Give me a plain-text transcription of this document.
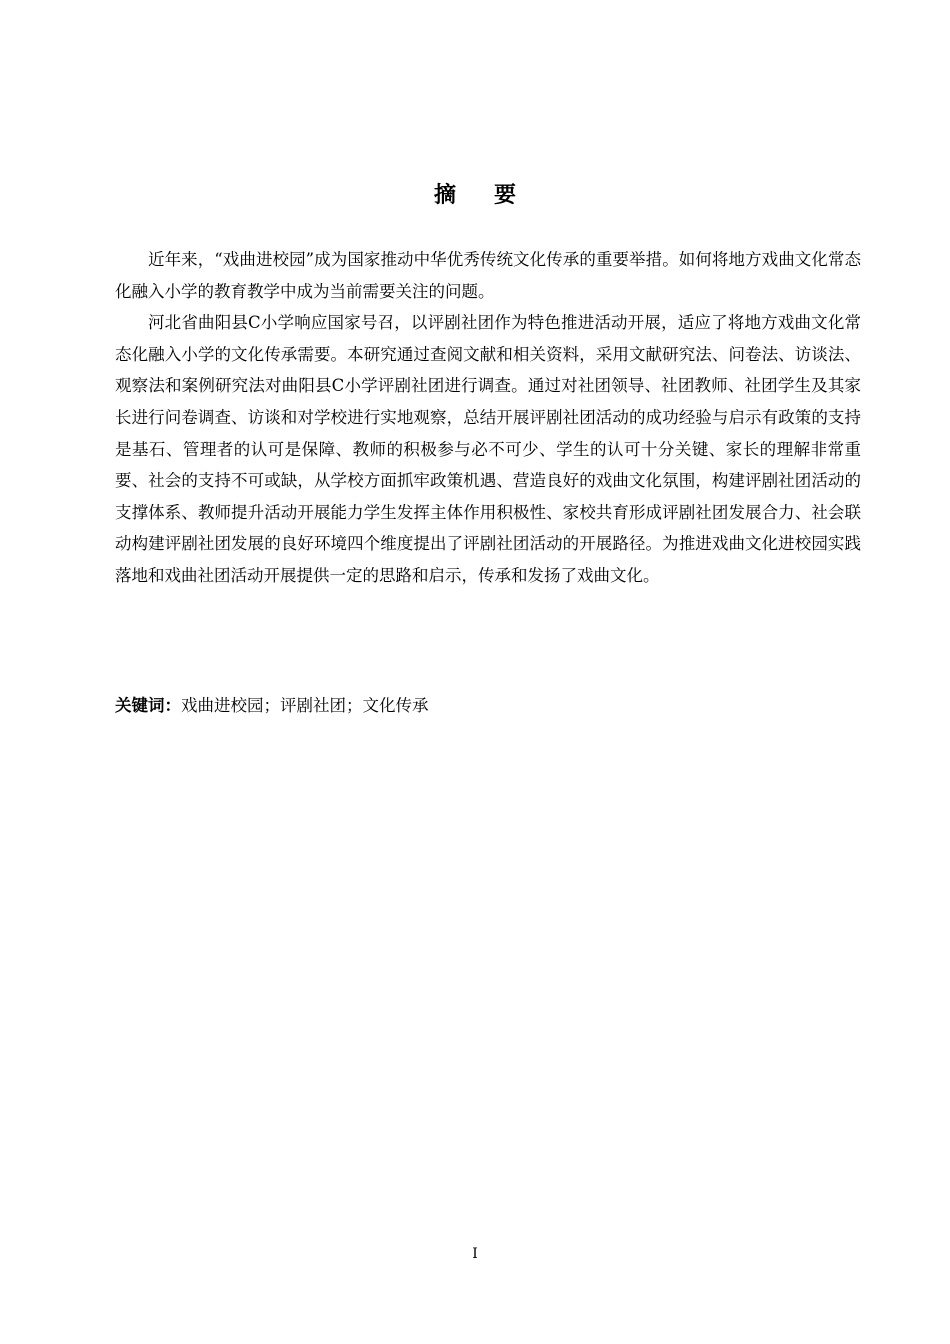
摘 要

近年来，“戏曲进校园”成为国家推动中华优秀传统文化传承的重要举措。如何将地方戏曲文化常态化融入小学的教育教学中成为当前需要关注的问题。

河北省曲阳县C小学响应国家号召，以评剧社团作为特色推进活动开展，适应了将地方戏曲文化常态化融入小学的文化传承需要。本研究通过查阅文献和相关资料，采用文献研究法、问卷法、访谈法、观察法和案例研究法对曲阳县C小学评剧社团进行调查。通过对社团领导、社团教师、社团学生及其家长进行问卷调查、访谈和对学校进行实地观察，总结开展评剧社团活动的成功经验与启示有政策的支持是基石、管理者的认可是保障、教师的积极参与必不可少、学生的认可十分关键、家长的理解非常重要、社会的支持不可或缺，从学校方面抓牢政策机遇、营造良好的戏曲文化氛围，构建评剧社团活动的支撑体系、教师提升活动开展能力学生发挥主体作用积极性、家校共育形成评剧社团发展合力、社会联动构建评剧社团发展的良好环境四个维度提出了评剧社团活动的开展路径。为推进戏曲文化进校园实践落地和戏曲社团活动开展提供一定的思路和启示，传承和发扬了戏曲文化。

关键词：戏曲进校园；评剧社团；文化传承
I
